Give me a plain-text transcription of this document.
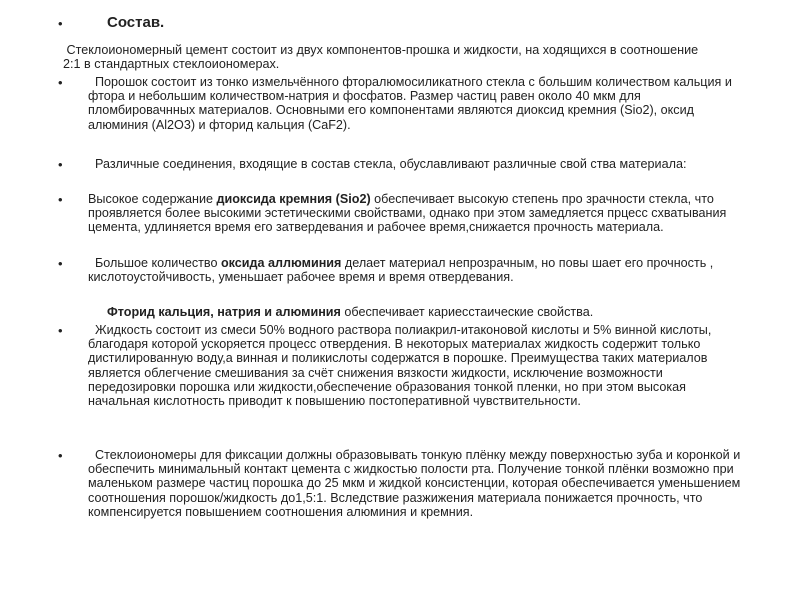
•	Состав.

Стеклоиономерный цемент состоит из двух компонентов-прошка и жидкости, на ходящихся в соотношение 2:1 в стандартных стеклоиономерах.

•	Порошок состоит из тонко измельчённого фторалюмосиликатного стекла с большим количеством кальция и фтора и небольшим количеством-натрия и фосфатов. Размер частиц равен около 40 мкм для пломбировачнных материалов. Основными его компонентами являются диоксид кремния (Sio2), оксид алюминия (Al2O3) и фторид кальция (CaF2).

•	Различные соединения, входящие в состав стекла, обуславливают различные свой ства материала:

• Высокое содержание диоксида кремния (Sio2) обеспечивает высокую степень про зрачности стекла, что проявляется более высокими эстетическими свойствами, однако при этом замедляется прцесс схватывания цемента, удлиняется время его затвердевания и рабочее время,снижается прочность материала.

•	Большое количество оксида аллюминия делает материал непрозрачным, но повы шает его прочность , кислотоустойчивость, уменьшает рабочее время и время отвердевания.

Фторид кальция, натрия и алюминия обеспечивает кариесстаические свойства.

•	Жидкость состоит из смеси 50% водного раствора полиакрил-итаконовой кислоты и 5% винной кислоты, благодаря которой ускоряется процесс отвердения. В некоторых материалах жидкость содержит только дистилированную воду,а винная и поликислоты содержатся в порошке. Преимущества таких материалов является облегчение смешивания за счёт снижения вязкости жидкости, исключение возможности передозировки порошка или жидкости,обеспечение образования тонкой пленки, но при этом высокая начальная кислотность приводит к повышению постоперативной чувствительности.

•	Стеклоиономеры для фиксации должны образовывать тонкую плёнку между поверхностью зуба и коронкой и обеспечить минимальный контакт цемента с жидкостью полости рта. Получение тонкой плёнки возможно при маленьком размере частиц порошка до 25 мкм и жидкой консистенции, которая обеспечивается уменьшением соотношения порошок/жидкость до1,5:1. Вследствие разжижения материала понижается прочность, что компенсируется повышением соотношения алюминия и кремния.
